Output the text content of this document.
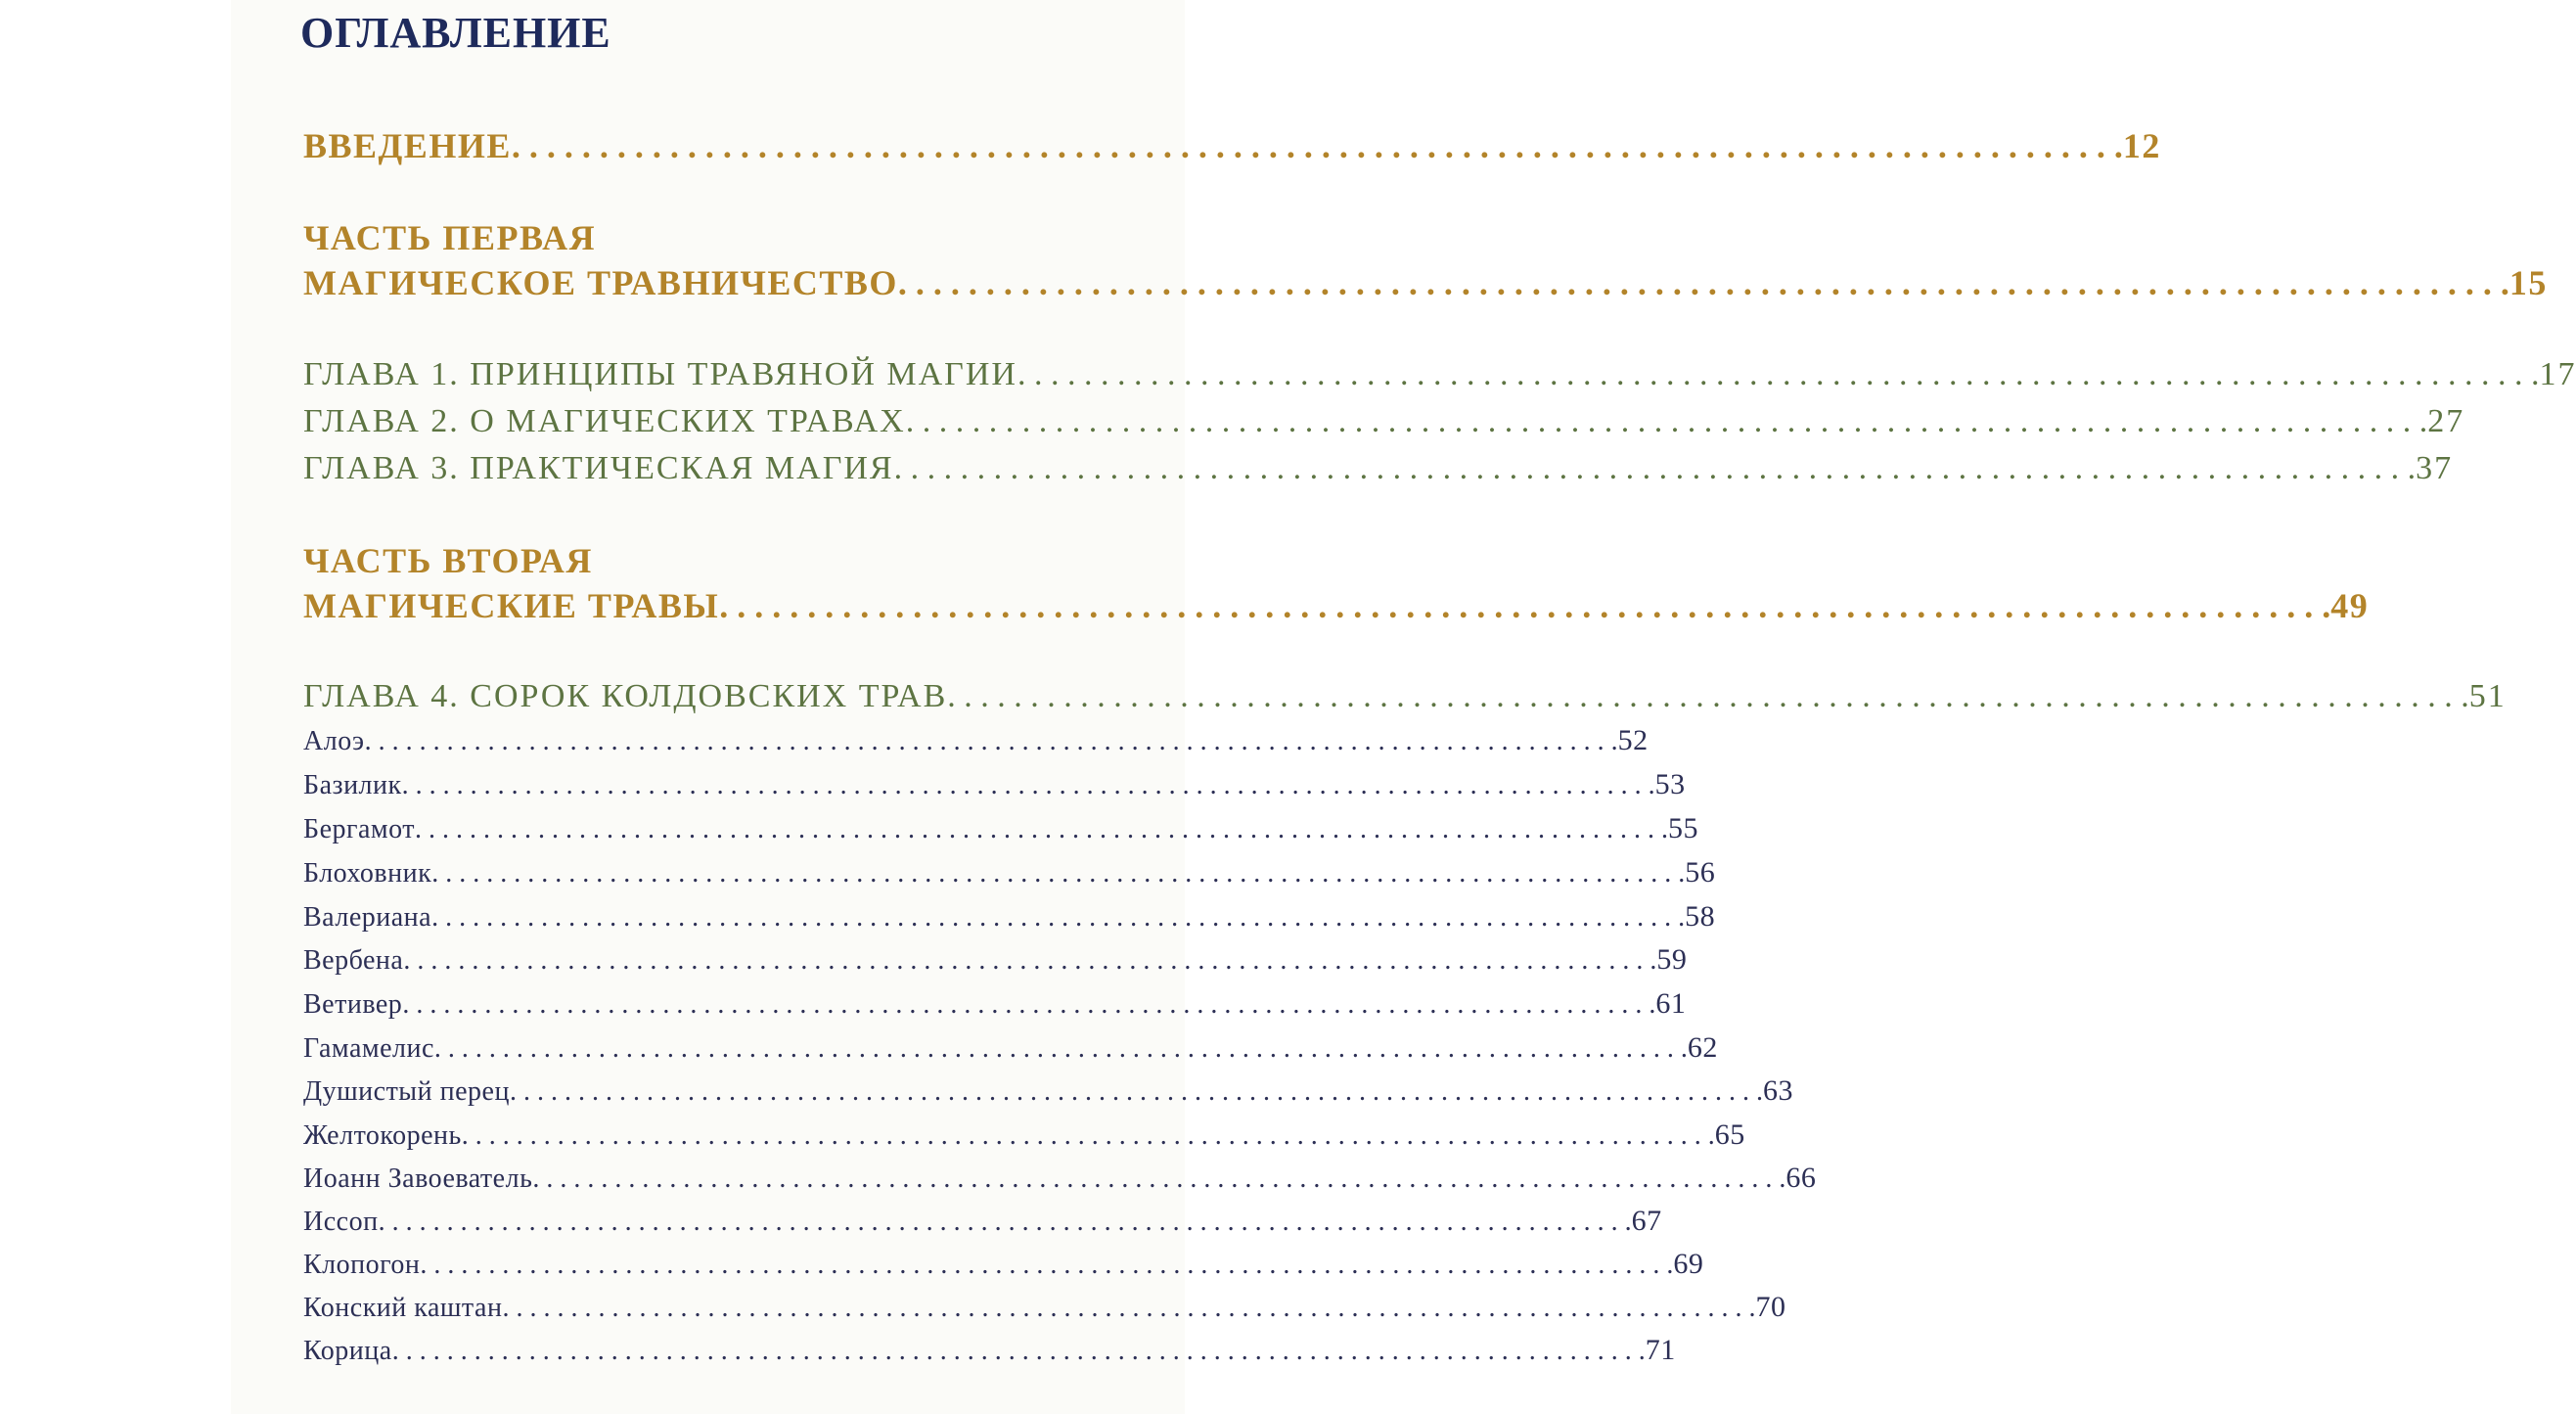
ОГЛАВЛЕНИЕ
ВВЕДЕНИЕ . . . . . . . . . . . . . . . . . . . . . . . . . . . . . . . . . . . . . . . . . . . . . . . . . . . . . . . . . . . . . . . . . . . . . . . . . . . . . . . . . . . . . . . . . . . . 12
ЧАСТЬ ПЕРВАЯ
МАГИЧЕСКОЕ ТРАВНИЧЕСТВО . . . . . . . . . . . . . . . . . . . . . . . . . . . . . . . . . . . . . . . . . . . . . . . . . . . . . . . . . . . . . . . . . . . . . . . . . . . . . . . . . . . . . . . . . . . . 15
ГЛАВА 1. ПРИНЦИПЫ ТРАВЯНОЙ МАГИИ . . . . . . . . . . . . . . . . . . . . . . . . . . . . . . . . . . . . . . . . . . . . . . . . . . . . . . . . . . . . . . . . . . . . . . . . . . . . . . . . . . . . . . . . . . . . 17
ГЛАВА 2. О МАГИЧЕСКИХ ТРАВАХ . . . . . . . . . . . . . . . . . . . . . . . . . . . . . . . . . . . . . . . . . . . . . . . . . . . . . . . . . . . . . . . . . . . . . . . . . . . . . . . . . . . . . . . . . . . . 27
ГЛАВА 3. ПРАКТИЧЕСКАЯ МАГИЯ . . . . . . . . . . . . . . . . . . . . . . . . . . . . . . . . . . . . . . . . . . . . . . . . . . . . . . . . . . . . . . . . . . . . . . . . . . . . . . . . . . . . . . . . . . . . 37
ЧАСТЬ ВТОРАЯ
МАГИЧЕСКИЕ ТРАВЫ . . . . . . . . . . . . . . . . . . . . . . . . . . . . . . . . . . . . . . . . . . . . . . . . . . . . . . . . . . . . . . . . . . . . . . . . . . . . . . . . . . . . . . . . . . . . 49
ГЛАВА 4. СОРОК КОЛДОВСКИХ ТРАВ . . . . . . . . . . . . . . . . . . . . . . . . . . . . . . . . . . . . . . . . . . . . . . . . . . . . . . . . . . . . . . . . . . . . . . . . . . . . . . . . . . . . . . . . . . . . 51
Алоэ . . . . . . . . . . . . . . . . . . . . . . . . . . . . . . . . . . . . . . . . . . . . . . . . . . . . . . . . . . . . . . . . . . . . . . . . . . . . . . . . . . . . . . . . . . . . 52
Базилик . . . . . . . . . . . . . . . . . . . . . . . . . . . . . . . . . . . . . . . . . . . . . . . . . . . . . . . . . . . . . . . . . . . . . . . . . . . . . . . . . . . . . . . . . . . . 53
Бергамот . . . . . . . . . . . . . . . . . . . . . . . . . . . . . . . . . . . . . . . . . . . . . . . . . . . . . . . . . . . . . . . . . . . . . . . . . . . . . . . . . . . . . . . . . . . . 55
Блоховник . . . . . . . . . . . . . . . . . . . . . . . . . . . . . . . . . . . . . . . . . . . . . . . . . . . . . . . . . . . . . . . . . . . . . . . . . . . . . . . . . . . . . . . . . . . . 56
Валериана . . . . . . . . . . . . . . . . . . . . . . . . . . . . . . . . . . . . . . . . . . . . . . . . . . . . . . . . . . . . . . . . . . . . . . . . . . . . . . . . . . . . . . . . . . . . 58
Вербена . . . . . . . . . . . . . . . . . . . . . . . . . . . . . . . . . . . . . . . . . . . . . . . . . . . . . . . . . . . . . . . . . . . . . . . . . . . . . . . . . . . . . . . . . . . . 59
Ветивер . . . . . . . . . . . . . . . . . . . . . . . . . . . . . . . . . . . . . . . . . . . . . . . . . . . . . . . . . . . . . . . . . . . . . . . . . . . . . . . . . . . . . . . . . . . . 61
Гамамелис . . . . . . . . . . . . . . . . . . . . . . . . . . . . . . . . . . . . . . . . . . . . . . . . . . . . . . . . . . . . . . . . . . . . . . . . . . . . . . . . . . . . . . . . . . . . 62
Душистый перец . . . . . . . . . . . . . . . . . . . . . . . . . . . . . . . . . . . . . . . . . . . . . . . . . . . . . . . . . . . . . . . . . . . . . . . . . . . . . . . . . . . . . . . . . . . . 63
Желтокорень . . . . . . . . . . . . . . . . . . . . . . . . . . . . . . . . . . . . . . . . . . . . . . . . . . . . . . . . . . . . . . . . . . . . . . . . . . . . . . . . . . . . . . . . . . . . 65
Иоанн Завоеватель . . . . . . . . . . . . . . . . . . . . . . . . . . . . . . . . . . . . . . . . . . . . . . . . . . . . . . . . . . . . . . . . . . . . . . . . . . . . . . . . . . . . . . . . . . . . 66
Иссоп . . . . . . . . . . . . . . . . . . . . . . . . . . . . . . . . . . . . . . . . . . . . . . . . . . . . . . . . . . . . . . . . . . . . . . . . . . . . . . . . . . . . . . . . . . . . 67
Клопогон . . . . . . . . . . . . . . . . . . . . . . . . . . . . . . . . . . . . . . . . . . . . . . . . . . . . . . . . . . . . . . . . . . . . . . . . . . . . . . . . . . . . . . . . . . . . 69
Конский каштан . . . . . . . . . . . . . . . . . . . . . . . . . . . . . . . . . . . . . . . . . . . . . . . . . . . . . . . . . . . . . . . . . . . . . . . . . . . . . . . . . . . . . . . . . . . . 70
Корица . . . . . . . . . . . . . . . . . . . . . . . . . . . . . . . . . . . . . . . . . . . . . . . . . . . . . . . . . . . . . . . . . . . . . . . . . . . . . . . . . . . . . . . . . . . . 71
